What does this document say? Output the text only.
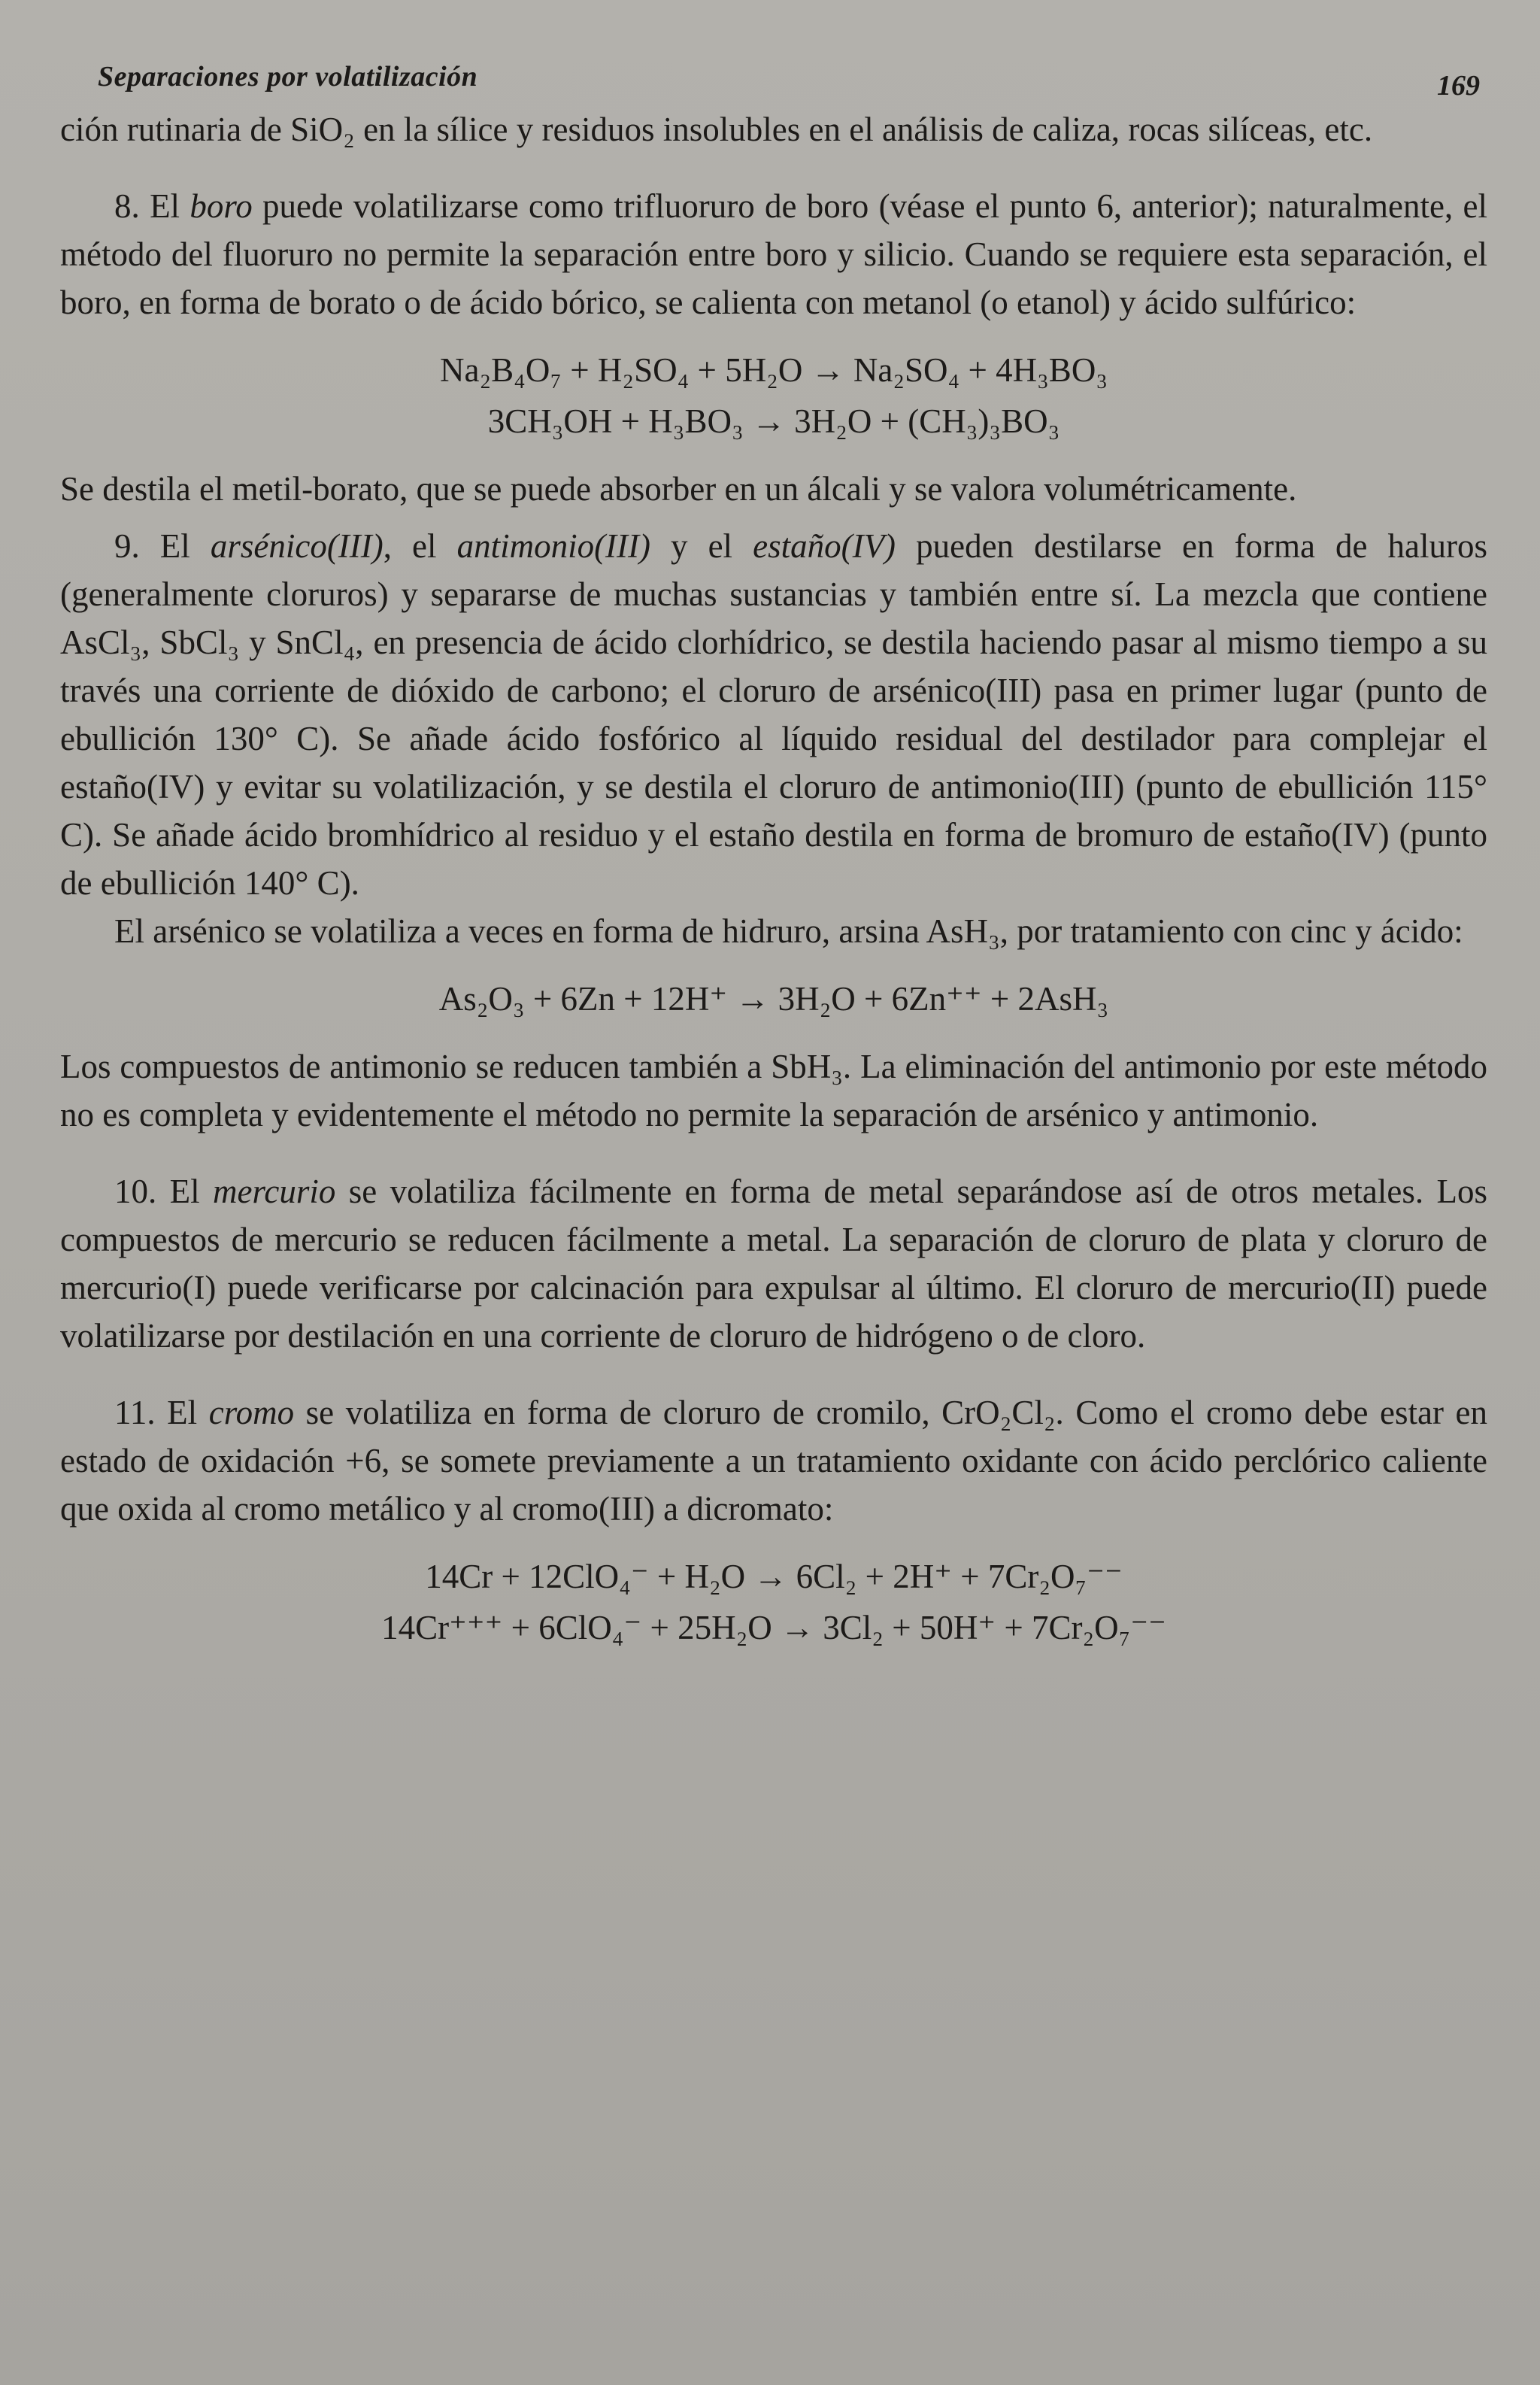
Separaciones por volatilización	169

ción rutinaria de SiO₂ en la sílice y residuos insolubles en el análisis de caliza, rocas silíceas, etc.

8. El boro puede volatilizarse como trifluoruro de boro (véase el punto 6, anterior); naturalmente, el método del fluoruro no permite la separación entre boro y silicio. Cuando se requiere esta separación, el boro, en forma de borato o de ácido bórico, se calienta con metanol (o etanol) y ácido sulfúrico:

Na₂B₄O₇ + H₂SO₄ + 5H₂O → Na₂SO₄ + 4H₃BO₃
3CH₃OH + H₃BO₃ → 3H₂O + (CH₃)₃BO₃

Se destila el metil-borato, que se puede absorber en un álcali y se valora volumétricamente.

9. El arsénico(III), el antimonio(III) y el estaño(IV) pueden destilarse en forma de haluros (generalmente cloruros) y separarse de muchas sustancias y también entre sí. La mezcla que contiene AsCl₃, SbCl₃ y SnCl₄, en presencia de ácido clorhídrico, se destila haciendo pasar al mismo tiempo a su través una corriente de dióxido de carbono; el cloruro de arsénico(III) pasa en primer lugar (punto de ebullición 130° C). Se añade ácido fosfórico al líquido residual del destilador para complejar el estaño(IV) y evitar su volatilización, y se destila el cloruro de antimonio(III) (punto de ebullición 115° C). Se añade ácido bromhídrico al residuo y el estaño destila en forma de bromuro de estaño(IV) (punto de ebullición 140° C).

El arsénico se volatiliza a veces en forma de hidruro, arsina AsH₃, por tratamiento con cinc y ácido:

As₂O₃ + 6Zn + 12H⁺ → 3H₂O + 6Zn⁺⁺ + 2AsH₃

Los compuestos de antimonio se reducen también a SbH₃. La eliminación del antimonio por este método no es completa y evidentemente el método no permite la separación de arsénico y antimonio.

10. El mercurio se volatiliza fácilmente en forma de metal separándose así de otros metales. Los compuestos de mercurio se reducen fácilmente a metal. La separación de cloruro de plata y cloruro de mercurio(I) puede verificarse por calcinación para expulsar al último. El cloruro de mercurio(II) puede volatilizarse por destilación en una corriente de cloruro de hidrógeno o de cloro.

11. El cromo se volatiliza en forma de cloruro de cromilo, CrO₂Cl₂. Como el cromo debe estar en estado de oxidación +6, se somete previamente a un tratamiento oxidante con ácido perclórico caliente que oxida al cromo metálico y al cromo(III) a dicromato:

14Cr + 12ClO₄⁻ + H₂O → 6Cl₂ + 2H⁺ + 7Cr₂O₇⁻⁻
14Cr⁺⁺⁺ + 6ClO₄⁻ + 25H₂O → 3Cl₂ + 50H⁺ + 7Cr₂O₇⁻⁻
